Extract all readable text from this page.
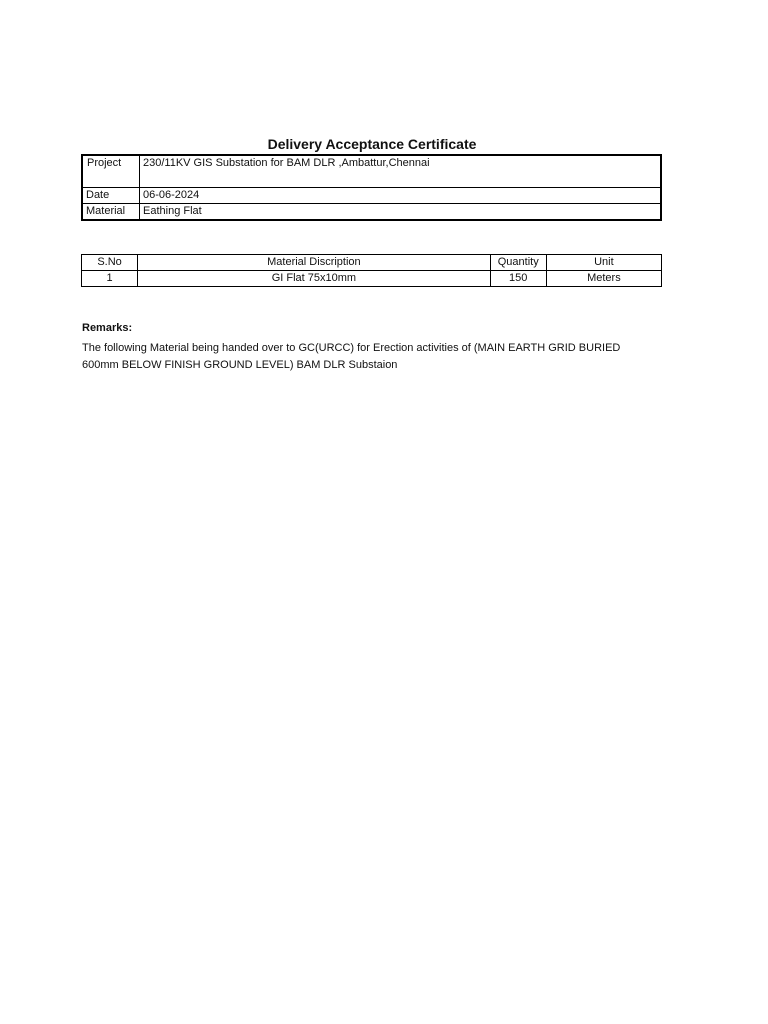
Delivery Acceptance Certificate
Project	230/11KV GIS Substation for BAM DLR ,Ambattur,Chennai
Date	06-06-2024
Material	Eathing Flat
S.No	Material Discription	Quantity	Unit
1	GI Flat 75x10mm	150	Meters
Remarks:
The following Material being handed over to GC(URCC) for Erection activities of (MAIN EARTH GRID BURIED
600mm BELOW FINISH GROUND LEVEL) BAM DLR Substaion
